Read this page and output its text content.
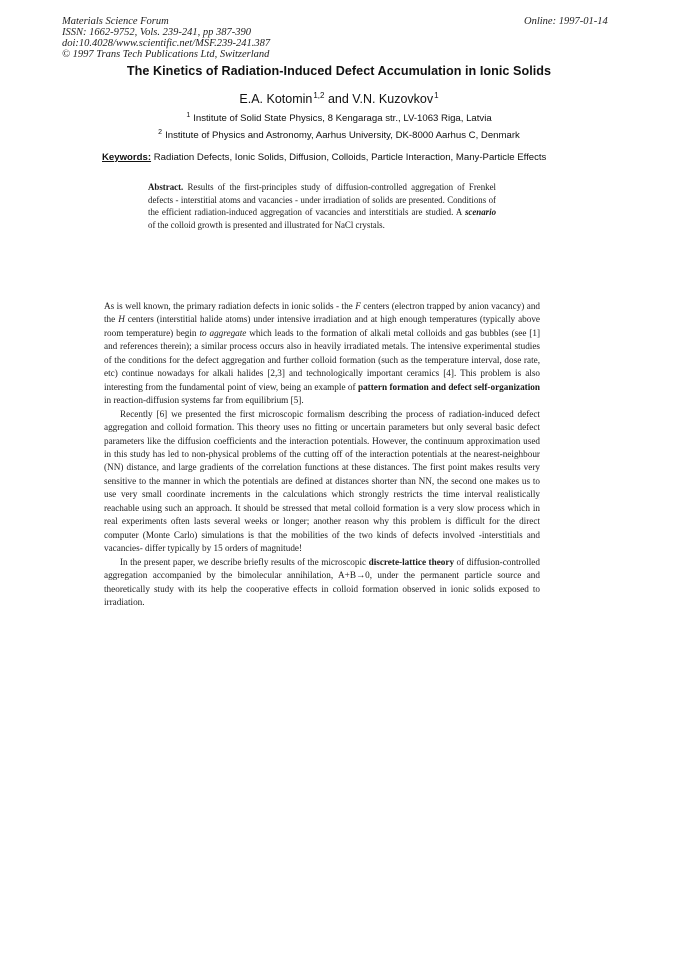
Materials Science Forum
ISSN: 1662-9752, Vols. 239-241, pp 387-390
doi:10.4028/www.scientific.net/MSF.239-241.387
© 1997 Trans Tech Publications Ltd, Switzerland
Online: 1997-01-14
The Kinetics of Radiation-Induced Defect Accumulation in Ionic Solids
E.A. Kotomin$^{1,2}$ and V.N. Kuzovkov$^1$
$^1$ Institute of Solid State Physics, 8 Kengaraga str., LV-1063 Riga, Latvia
$^2$ Institute of Physics and Astronomy, Aarhus University, DK-8000 Aarhus C, Denmark
Keywords: Radiation Defects, Ionic Solids, Diffusion, Colloids, Particle Interaction, Many-Particle Effects
Abstract. Results of the first-principles study of diffusion-controlled aggregation of Frenkel defects - interstitial atoms and vacancies - under irradiation of solids are presented. Conditions of the efficient radiation-induced aggregation of vacancies and interstitials are studied. A scenario of the colloid growth is presented and illustrated for NaCl crystals.

As is well known, the primary radiation defects in ionic solids - the F centers (electron trapped by anion vacancy) and the H centers (interstitial halide atoms) under intensive irradiation and at high enough temperatures (typically above room temperature) begin to aggregate which leads to the formation of alkali metal colloids and gas bubbles (see [1] and references therein); a similar process occurs also in heavily irradiated metals. The intensive experimental studies of the conditions for the defect aggregation and further colloid formation (such as the temperature interval, dose rate, etc) continue nowadays for alkali halides [2,3] and technologically important ceramics [4]. This problem is also interesting from the fundamental point of view, being an example of pattern formation and defect self-organization in reaction-diffusion systems far from equilibrium [5].

Recently [6] we presented the first microscopic formalism describing the process of radiation-induced defect aggregation and colloid formation. This theory uses no fitting or uncertain parameters but only several basic defect parameters like the diffusion coefficients and the interaction potentials. However, the continuum approximation used in this study has led to non-physical problems of the cutting off of the interaction potentials at the nearest-neighbour (NN) distance, and large gradients of the correlation functions at these distances. The first point makes results very sensitive to the manner in which the potentials are defined at distances shorter than NN, the second one makes us to use very small coordinate increments in the calculations which strongly restricts the time interval realistically reachable using such an approach. It should be stressed that metal colloid formation is a very slow process which in real experiments often lasts several weeks or longer; another reason why this problem is difficult for the direct computer (Monte Carlo) simulations is that the mobilities of the two kinds of defects involved -interstitials and vacancies- differ typically by 15 orders of magnitude!

In the present paper, we describe briefly results of the microscopic discrete-lattice theory of diffusion-controlled aggregation accompanied by the bimolecular annihilation, A+B→0, under the permanent particle source and theoretically study with its help the cooperative effects in colloid formation observed in ionic solids exposed to irradiation.
